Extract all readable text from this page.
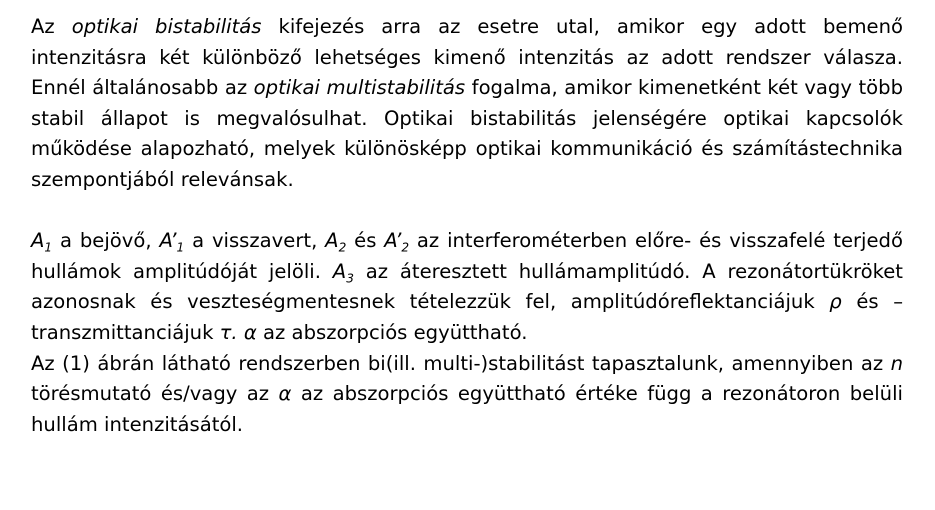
Az optikai bistabilitás kifejezés arra az esetre utal, amikor egy adott bemenő intenzitásra két különböző lehetséges kimenő intenzitás az adott rendszer válasza. Ennél általánosabb az optikai multistabilitás fogalma, amikor kimenetként két vagy több stabil állapot is megvalósulhat. Optikai bistabilitás jelenségére optikai kapcsolók működése alapozható, melyek különösképp optikai kommunikáció és számítástechnika szempontjából relevánsak.

$A_1$ a bejövő, $A’_1$ a visszavert, $A_2$ és $A’_2$ az interferométerben előre- és visszafelé terjedő hullámok amplitúdóját jelöli. $A_3$ az áteresztett hullámamplitúdó. A rezonátortükröket azonosnak és veszteségmentesnek tételezzük fel, amplitúdóreflektanciájuk ρ és –transzmittanciájuk τ. α az abszorpciós együttható.

Az (1) ábrán látható rendszerben bi(ill. multi-)stabilitást tapasztalunk, amennyiben az n törésmutató és/vagy az α az abszorpciós együttható értéke függ a rezonátoron belüli hullám intenzitásától.
